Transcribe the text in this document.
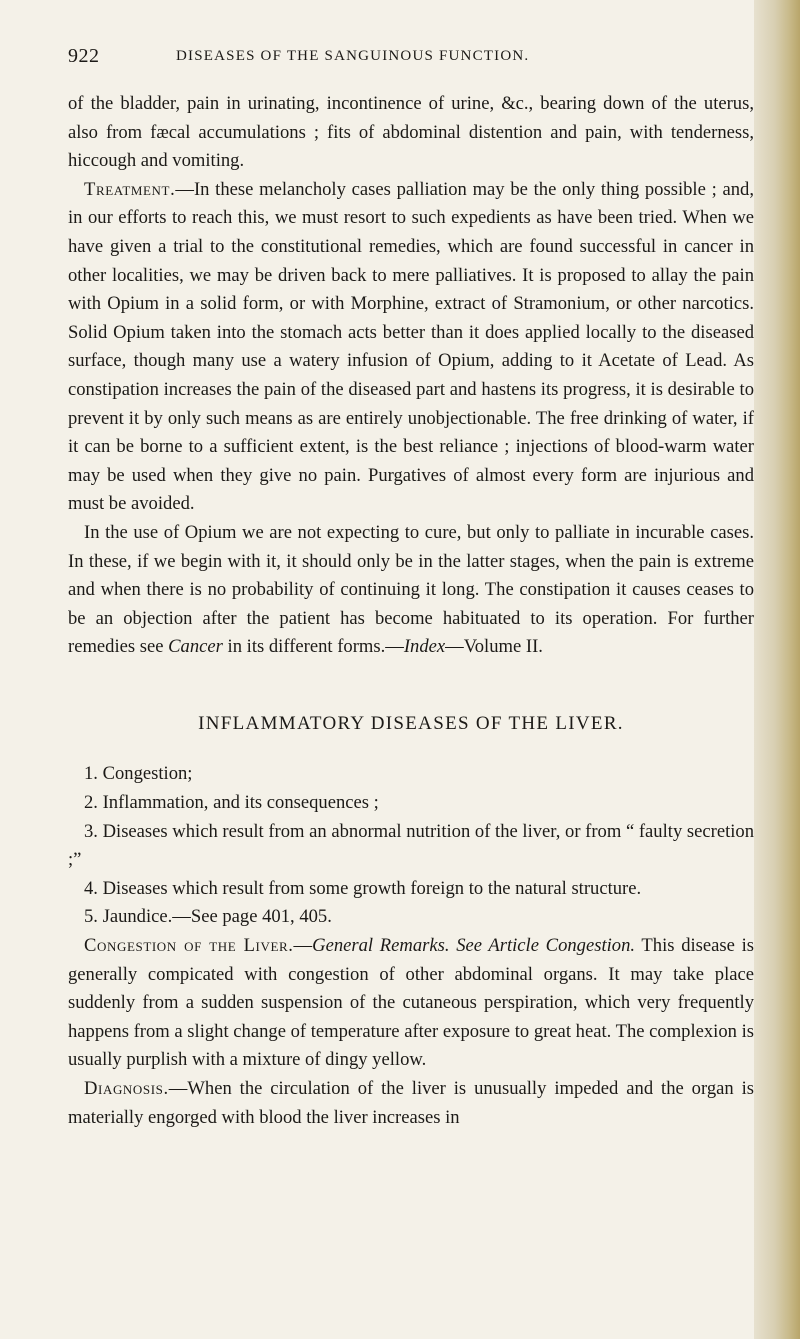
922	DISEASES OF THE SANGUINOUS FUNCTION.

of the bladder, pain in urinating, incontinence of urine, &c., bearing down of the uterus, also from fæcal accumulations ; fits of abdominal distention and pain, with tenderness, hiccough and vomiting.

Treatment.—In these melancholy cases palliation may be the only thing possible ; and, in our efforts to reach this, we must resort to such expedients as have been tried. When we have given a trial to the constitutional remedies, which are found successful in cancer in other localities, we may be driven back to mere palliatives. It is proposed to allay the pain with Opium in a solid form, or with Morphine, extract of Stramonium, or other narcotics. Solid Opium taken into the stomach acts better than it does applied locally to the diseased surface, though many use a watery infusion of Opium, adding to it Acetate of Lead. As constipation increases the pain of the diseased part and hastens its progress, it is desirable to prevent it by only such means as are entirely unobjectionable. The free drinking of water, if it can be borne to a sufficient extent, is the best reliance ; injections of blood-warm water may be used when they give no pain. Purgatives of almost every form are injurious and must be avoided.

In the use of Opium we are not expecting to cure, but only to palliate in incurable cases. In these, if we begin with it, it should only be in the latter stages, when the pain is extreme and when there is no probability of continuing it long. The constipation it causes ceases to be an objection after the patient has become habituated to its operation. For further remedies see Cancer in its different forms.—Index—Volume II.

INFLAMMATORY DISEASES OF THE LIVER.

1. Congestion;

2. Inflammation, and its consequences ;

3. Diseases which result from an abnormal nutrition of the liver, or from “ faulty secretion ;”

4. Diseases which result from some growth foreign to the natural structure.

5. Jaundice.—See page 401, 405.

Congestion of the Liver.—General Remarks. See Article Congestion. This disease is generally compicated with congestion of other abdominal organs. It may take place suddenly from a sudden suspension of the cutaneous perspiration, which very frequently happens from a slight change of temperature after exposure to great heat. The complexion is usually purplish with a mixture of dingy yellow.

Diagnosis.—When the circulation of the liver is unusually impeded and the organ is materially engorged with blood the liver increases in
